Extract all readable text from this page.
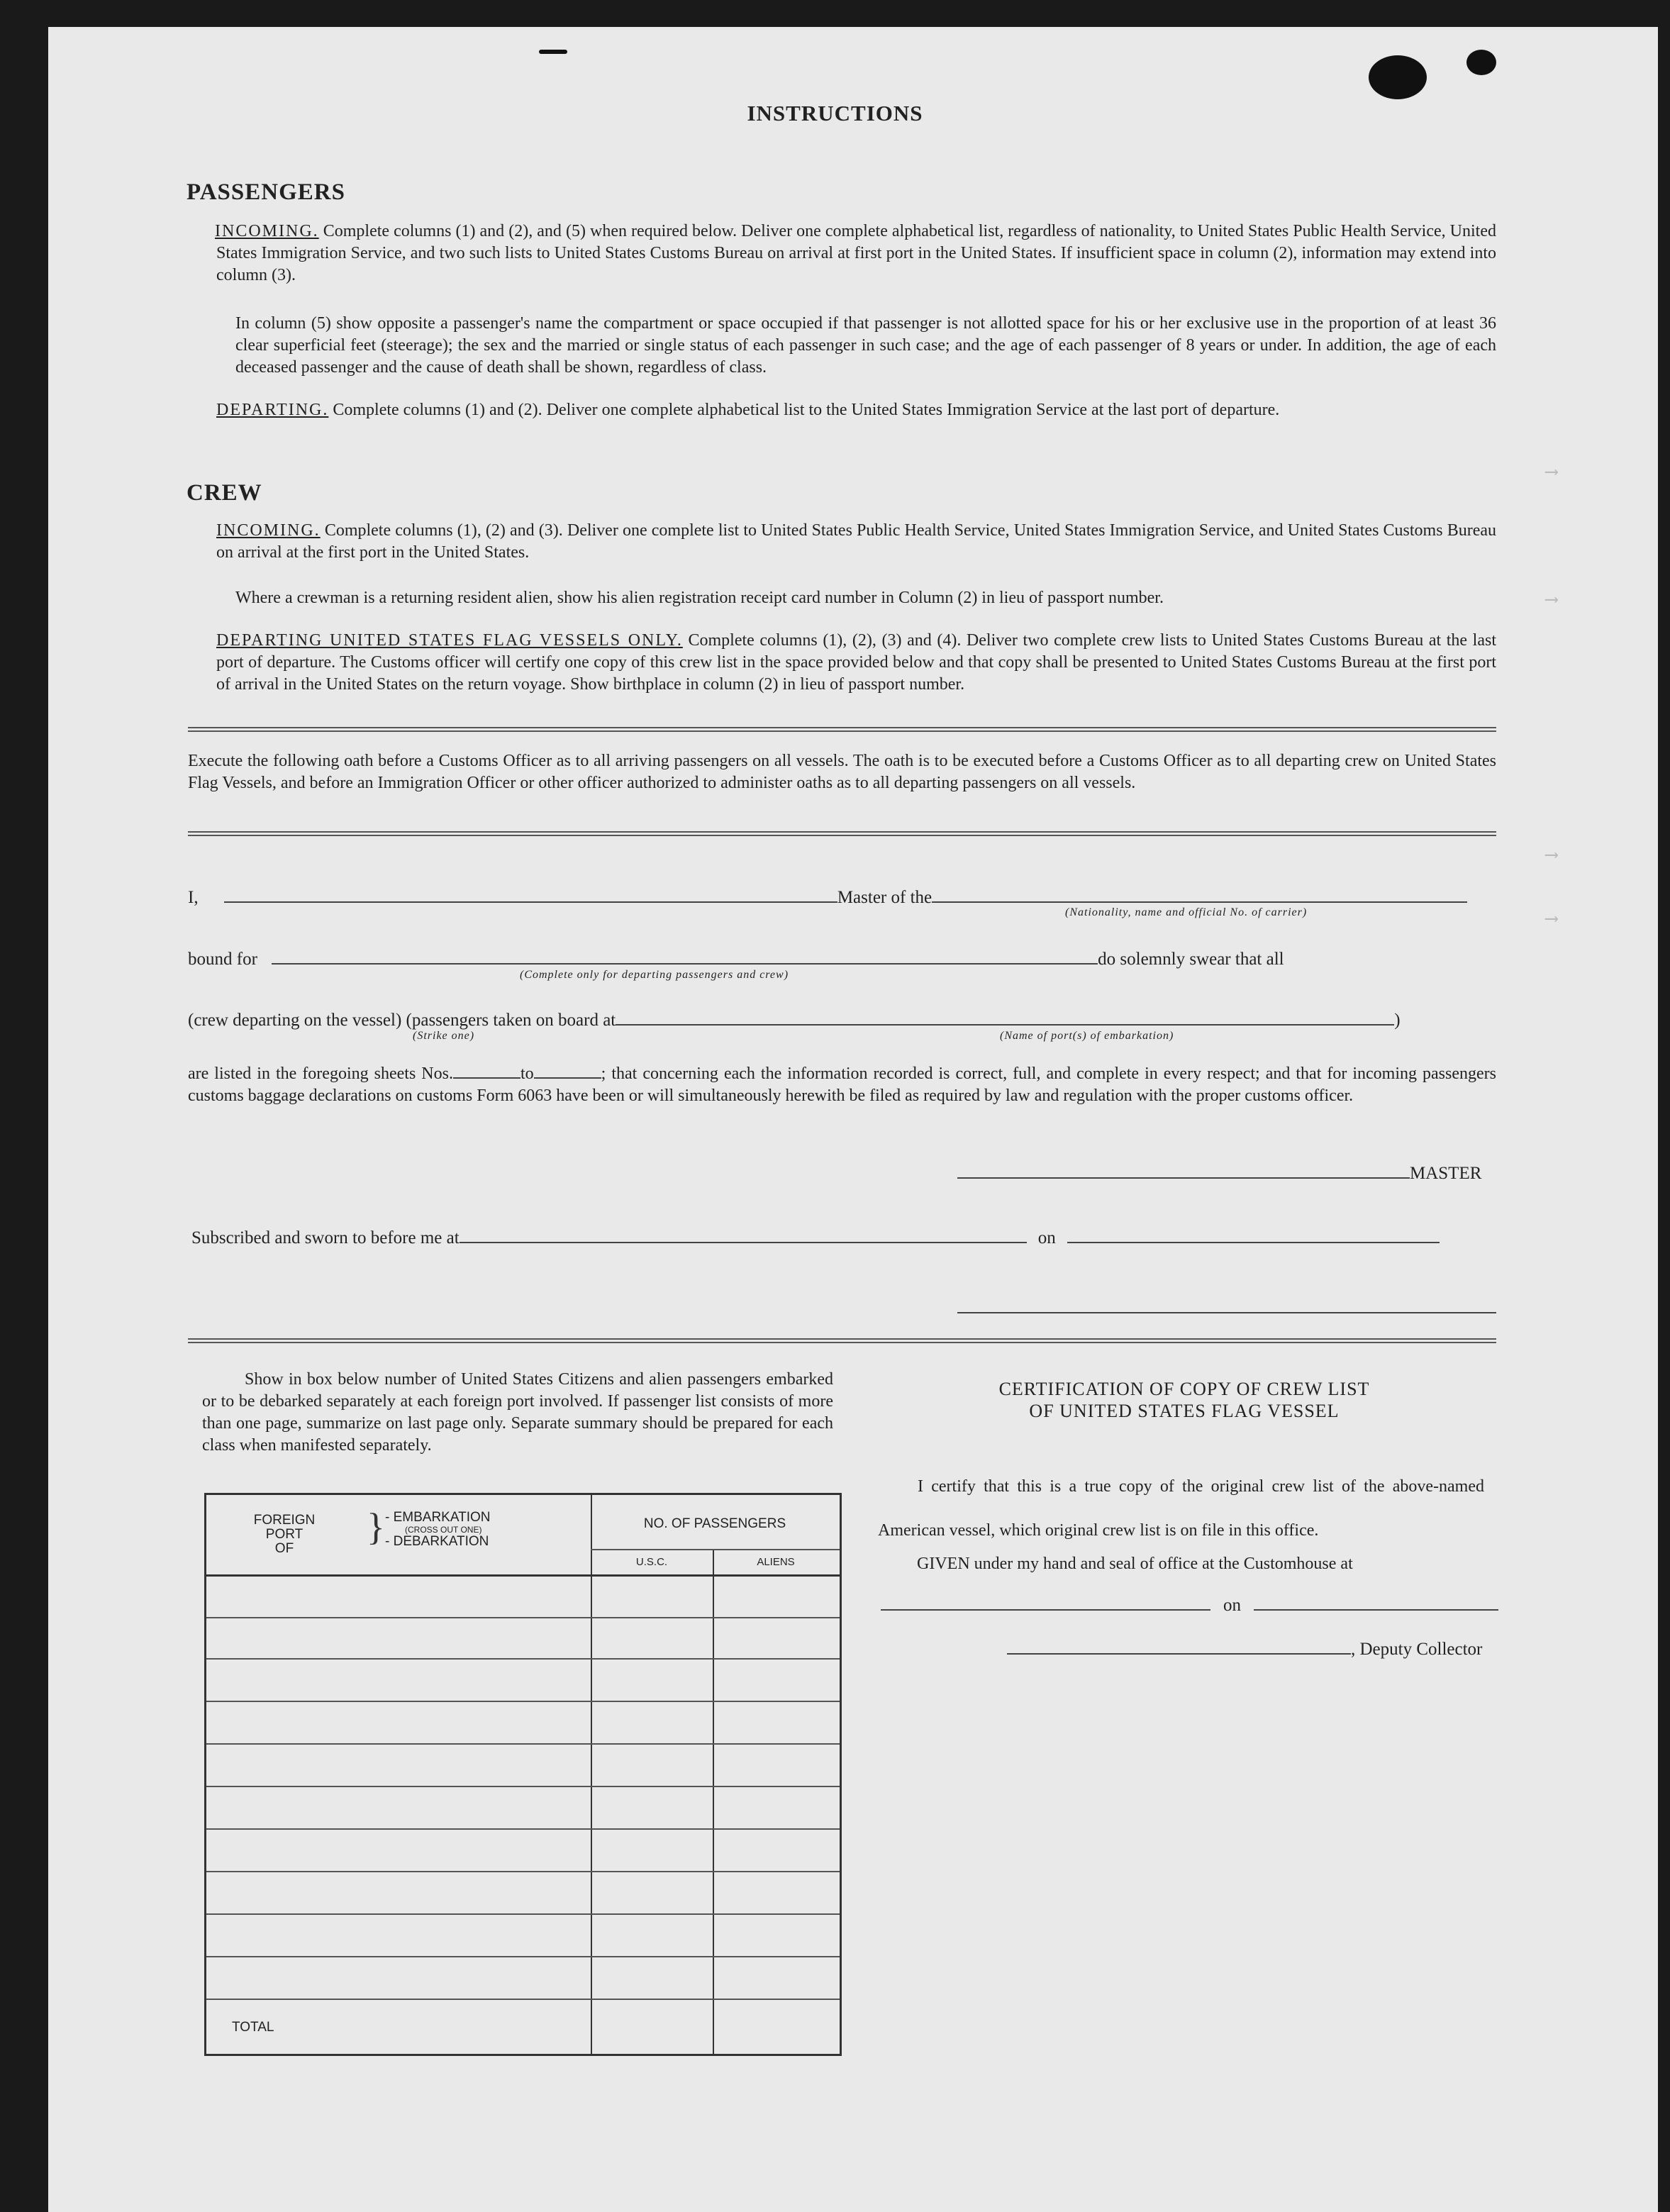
INSTRUCTIONS
PASSENGERS
INCOMING. Complete columns (1) and (2), and (5) when required below. Deliver one complete alphabetical list, regardless of nationality, to United States Public Health Service, United States Immigration Service, and two such lists to United States Customs Bureau on arrival at first port in the United States. If insufficient space in column (2), information may extend into column (3).
In column (5) show opposite a passenger's name the compartment or space occupied if that passenger is not allotted space for his or her exclusive use in the proportion of at least 36 clear superficial feet (steerage); the sex and the married or single status of each passenger in such case; and the age of each passenger of 8 years or under. In addition, the age of each deceased passenger and the cause of death shall be shown, regardless of class.
DEPARTING. Complete columns (1) and (2). Deliver one complete alphabetical list to the United States Immigration Service at the last port of departure.
CREW
INCOMING. Complete columns (1), (2) and (3). Deliver one complete list to United States Public Health Service, United States Immigration Service, and United States Customs Bureau on arrival at the first port in the United States.
Where a crewman is a returning resident alien, show his alien registration receipt card number in Column (2) in lieu of passport number.
DEPARTING UNITED STATES FLAG VESSELS ONLY. Complete columns (1), (2), (3) and (4). Deliver two complete crew lists to United States Customs Bureau at the last port of departure. The Customs officer will certify one copy of this crew list in the space provided below and that copy shall be presented to United States Customs Bureau at the first port of arrival in the United States on the return voyage. Show birthplace in column (2) in lieu of passport number.
Execute the following oath before a Customs Officer as to all arriving passengers on all vessels. The oath is to be executed before a Customs Officer as to all departing crew on United States Flag Vessels, and before an Immigration Officer or other officer authorized to administer oaths as to all departing passengers on all vessels.
I,	Master of the
(Nationality, name and official No. of carrier)
bound for	do solemnly swear that all
(Complete only for departing passengers and crew)
(crew departing on the vessel) (passengers taken on board at	)
(Strike one)	(Name of port(s) of embarkation)
are listed in the foregoing sheets Nos.	to	; that concerning each the information recorded is correct, full, and complete in every respect; and that for incoming passengers customs baggage declarations on customs Form 6063 have been or will simultaneously herewith be filed as required by law and regulation with the proper customs officer.
MASTER
Subscribed and sworn to before me at	on
Show in box below number of United States Citizens and alien passengers embarked or to be debarked separately at each foreign port involved. If passenger list consists of more than one page, summarize on last page only. Separate summary should be prepared for each class when manifested separately.
FOREIGN
PORT
OF
} - EMBARKATION
(CROSS OUT ONE)
- DEBARKATION
NO. OF PASSENGERS
U.S.C.	ALIENS
TOTAL
CERTIFICATION OF COPY OF CREW LIST
OF UNITED STATES FLAG VESSEL
I certify that this is a true copy of the original crew list of the above-named American vessel, which original crew list is on file in this office.
GIVEN under my hand and seal of office at the Customhouse at
on
, Deputy Collector
⟶
⟶
⟶
⟶
